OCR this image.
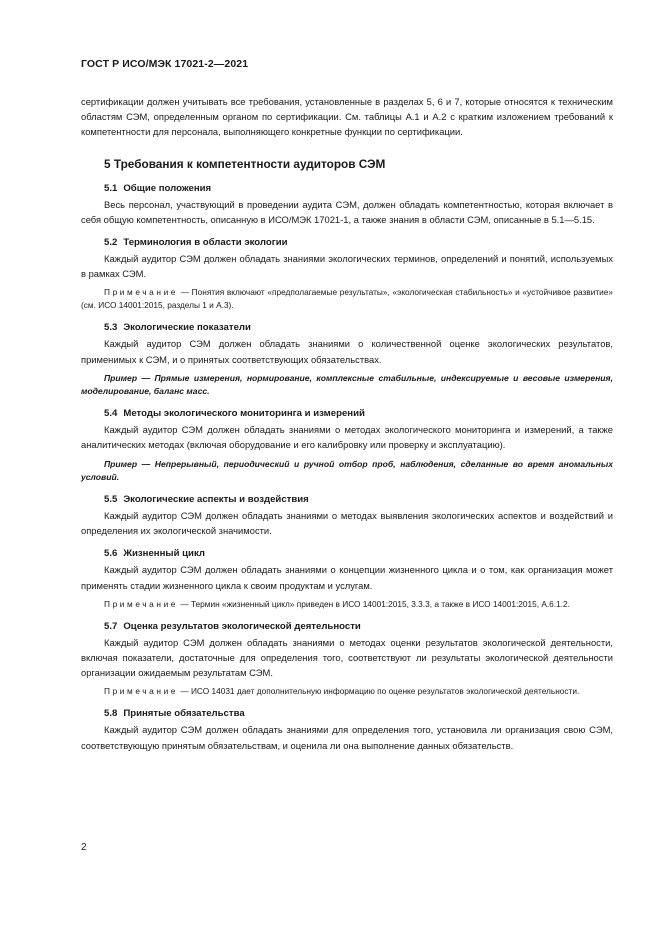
ГОСТ Р ИСО/МЭК 17021-2—2021

сертификации должен учитывать все требования, установленные в разделах 5, 6 и 7, которые относятся к техническим областям СЭМ, определенным органом по сертификации. См. таблицы А.1 и А.2 с кратким изложением требований к компетентности для персонала, выполняющего конкретные функции по сертификации.

5 Требования к компетентности аудиторов СЭМ
5.1 Общие положения

Весь персонал, участвующий в проведении аудита СЭМ, должен обладать компетентностью, которая включает в себя общую компетентность, описанную в ИСО/МЭК 17021-1, а также знания в области СЭМ, описанные в 5.1—5.15.

5.2 Терминология в области экологии

Каждый аудитор СЭМ должен обладать знаниями экологических терминов, определений и понятий, используемых в рамках СЭМ.

Примечание — Понятия включают «предполагаемые результаты», «экологическая стабильность» и «устойчивое развитие» (см. ИСО 14001:2015, разделы 1 и А.3).

5.3 Экологические показатели

Каждый аудитор СЭМ должен обладать знаниями о количественной оценке экологических результатов, применимых к СЭМ, и о принятых соответствующих обязательствах.

Пример — Прямые измерения, нормирование, комплексные стабильные, индексируемые и весовые измерения, моделирование, баланс масс.

5.4 Методы экологического мониторинга и измерений

Каждый аудитор СЭМ должен обладать знаниями о методах экологического мониторинга и измерений, а также аналитических методах (включая оборудование и его калибровку или проверку и эксплуатацию).

Пример — Непрерывный, периодический и ручной отбор проб, наблюдения, сделанные во время аномальных условий.

5.5 Экологические аспекты и воздействия

Каждый аудитор СЭМ должен обладать знаниями о методах выявления экологических аспектов и воздействий и определения их экологической значимости.

5.6 Жизненный цикл

Каждый аудитор СЭМ должен обладать знаниями о концепции жизненного цикла и о том, как организация может применять стадии жизненного цикла к своим продуктам и услугам.

Примечание — Термин «жизненный цикл» приведен в ИСО 14001:2015, 3.3.3, а также в ИСО 14001:2015, А.6.1.2.

5.7 Оценка результатов экологической деятельности

Каждый аудитор СЭМ должен обладать знаниями о методах оценки результатов экологической деятельности, включая показатели, достаточные для определения того, соответствуют ли результаты экологической деятельности организации ожидаемым результатам СЭМ.

Примечание — ИСО 14031 дает дополнительную информацию по оценке результатов экологической деятельности.

5.8 Принятые обязательства

Каждый аудитор СЭМ должен обладать знаниями для определения того, установила ли организация свою СЭМ, соответствующую принятым обязательствам, и оценила ли она выполнение данных обязательств.

2
